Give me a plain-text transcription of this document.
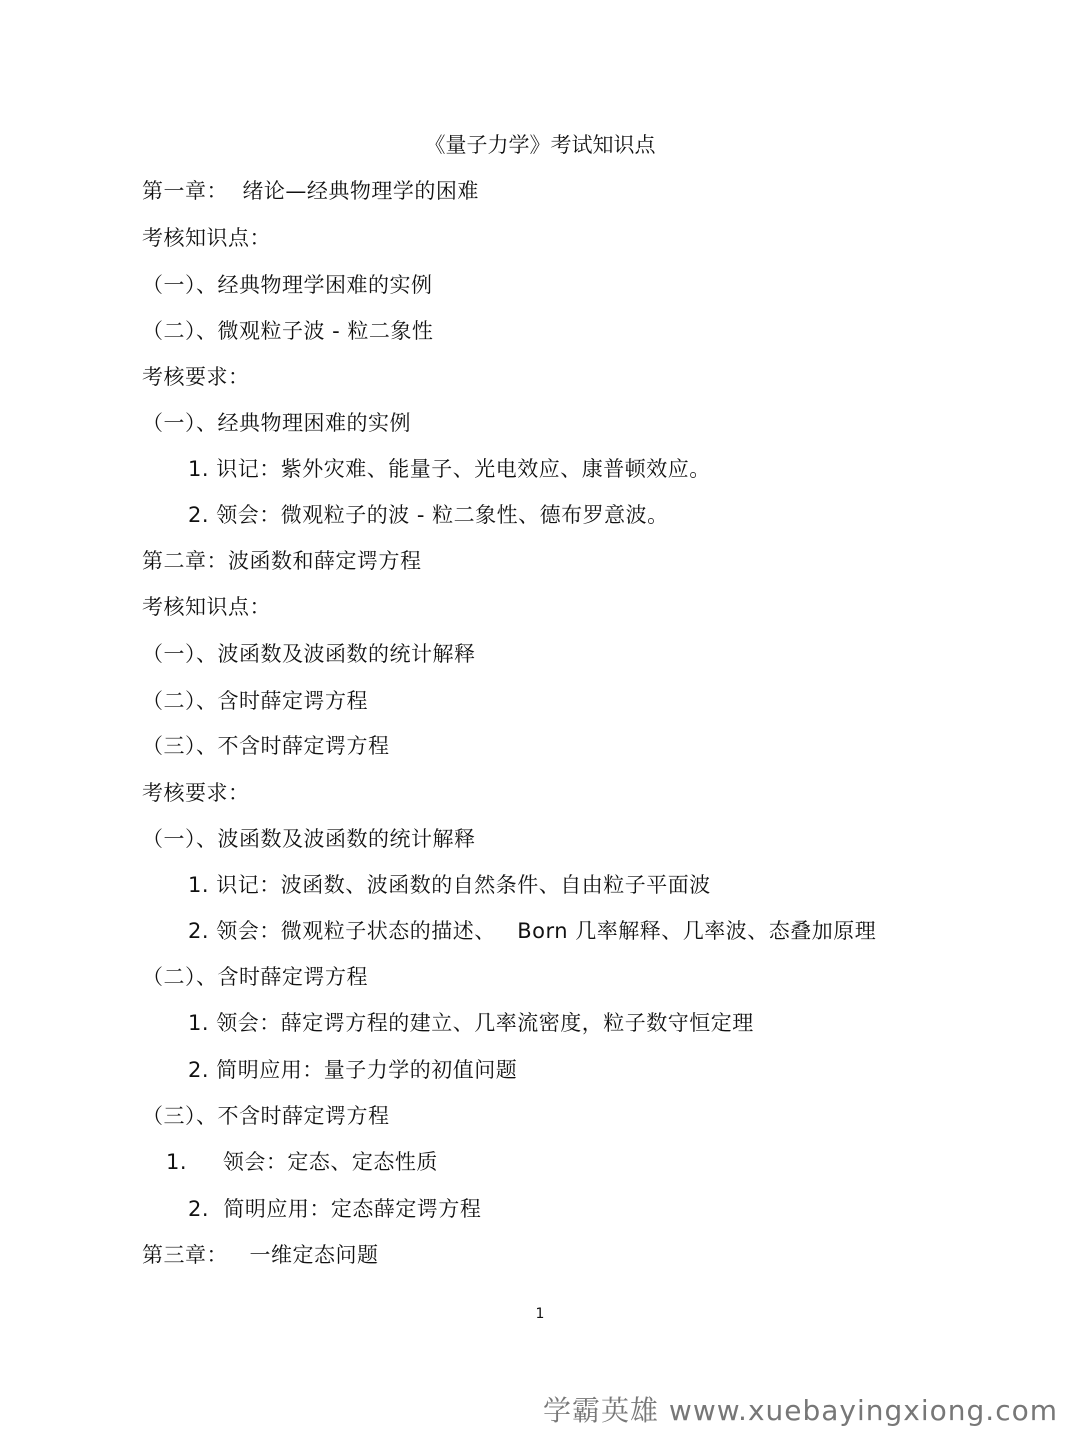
《量子力学》考试知识点
第一章：  绪论—经典物理学的困难
考核知识点：
（一）、经典物理学困难的实例
（二）、微观粒子波 - 粒二象性
考核要求：
（一）、经典物理困难的实例
1. 识记：紫外灾难、能量子、光电效应、康普顿效应。
2. 领会：微观粒子的波 - 粒二象性、德布罗意波。
第二章：波函数和薛定谔方程
考核知识点：
（一）、波函数及波函数的统计解释
（二）、含时薛定谔方程
（三）、不含时薛定谔方程
考核要求：
（一）、波函数及波函数的统计解释
1. 识记：波函数、波函数的自然条件、自由粒子平面波
2. 领会：微观粒子状态的描述、   Born 几率解释、几率波、态叠加原理
（二）、含时薛定谔方程
1. 领会：薛定谔方程的建立、几率流密度，粒子数守恒定理
2. 简明应用：量子力学的初值问题
（三）、不含时薛定谔方程
1.     领会：定态、定态性质
2.  简明应用：定态薛定谔方程
第三章：   一维定态问题
1
学霸英雄 www.xuebayingxiong.com
